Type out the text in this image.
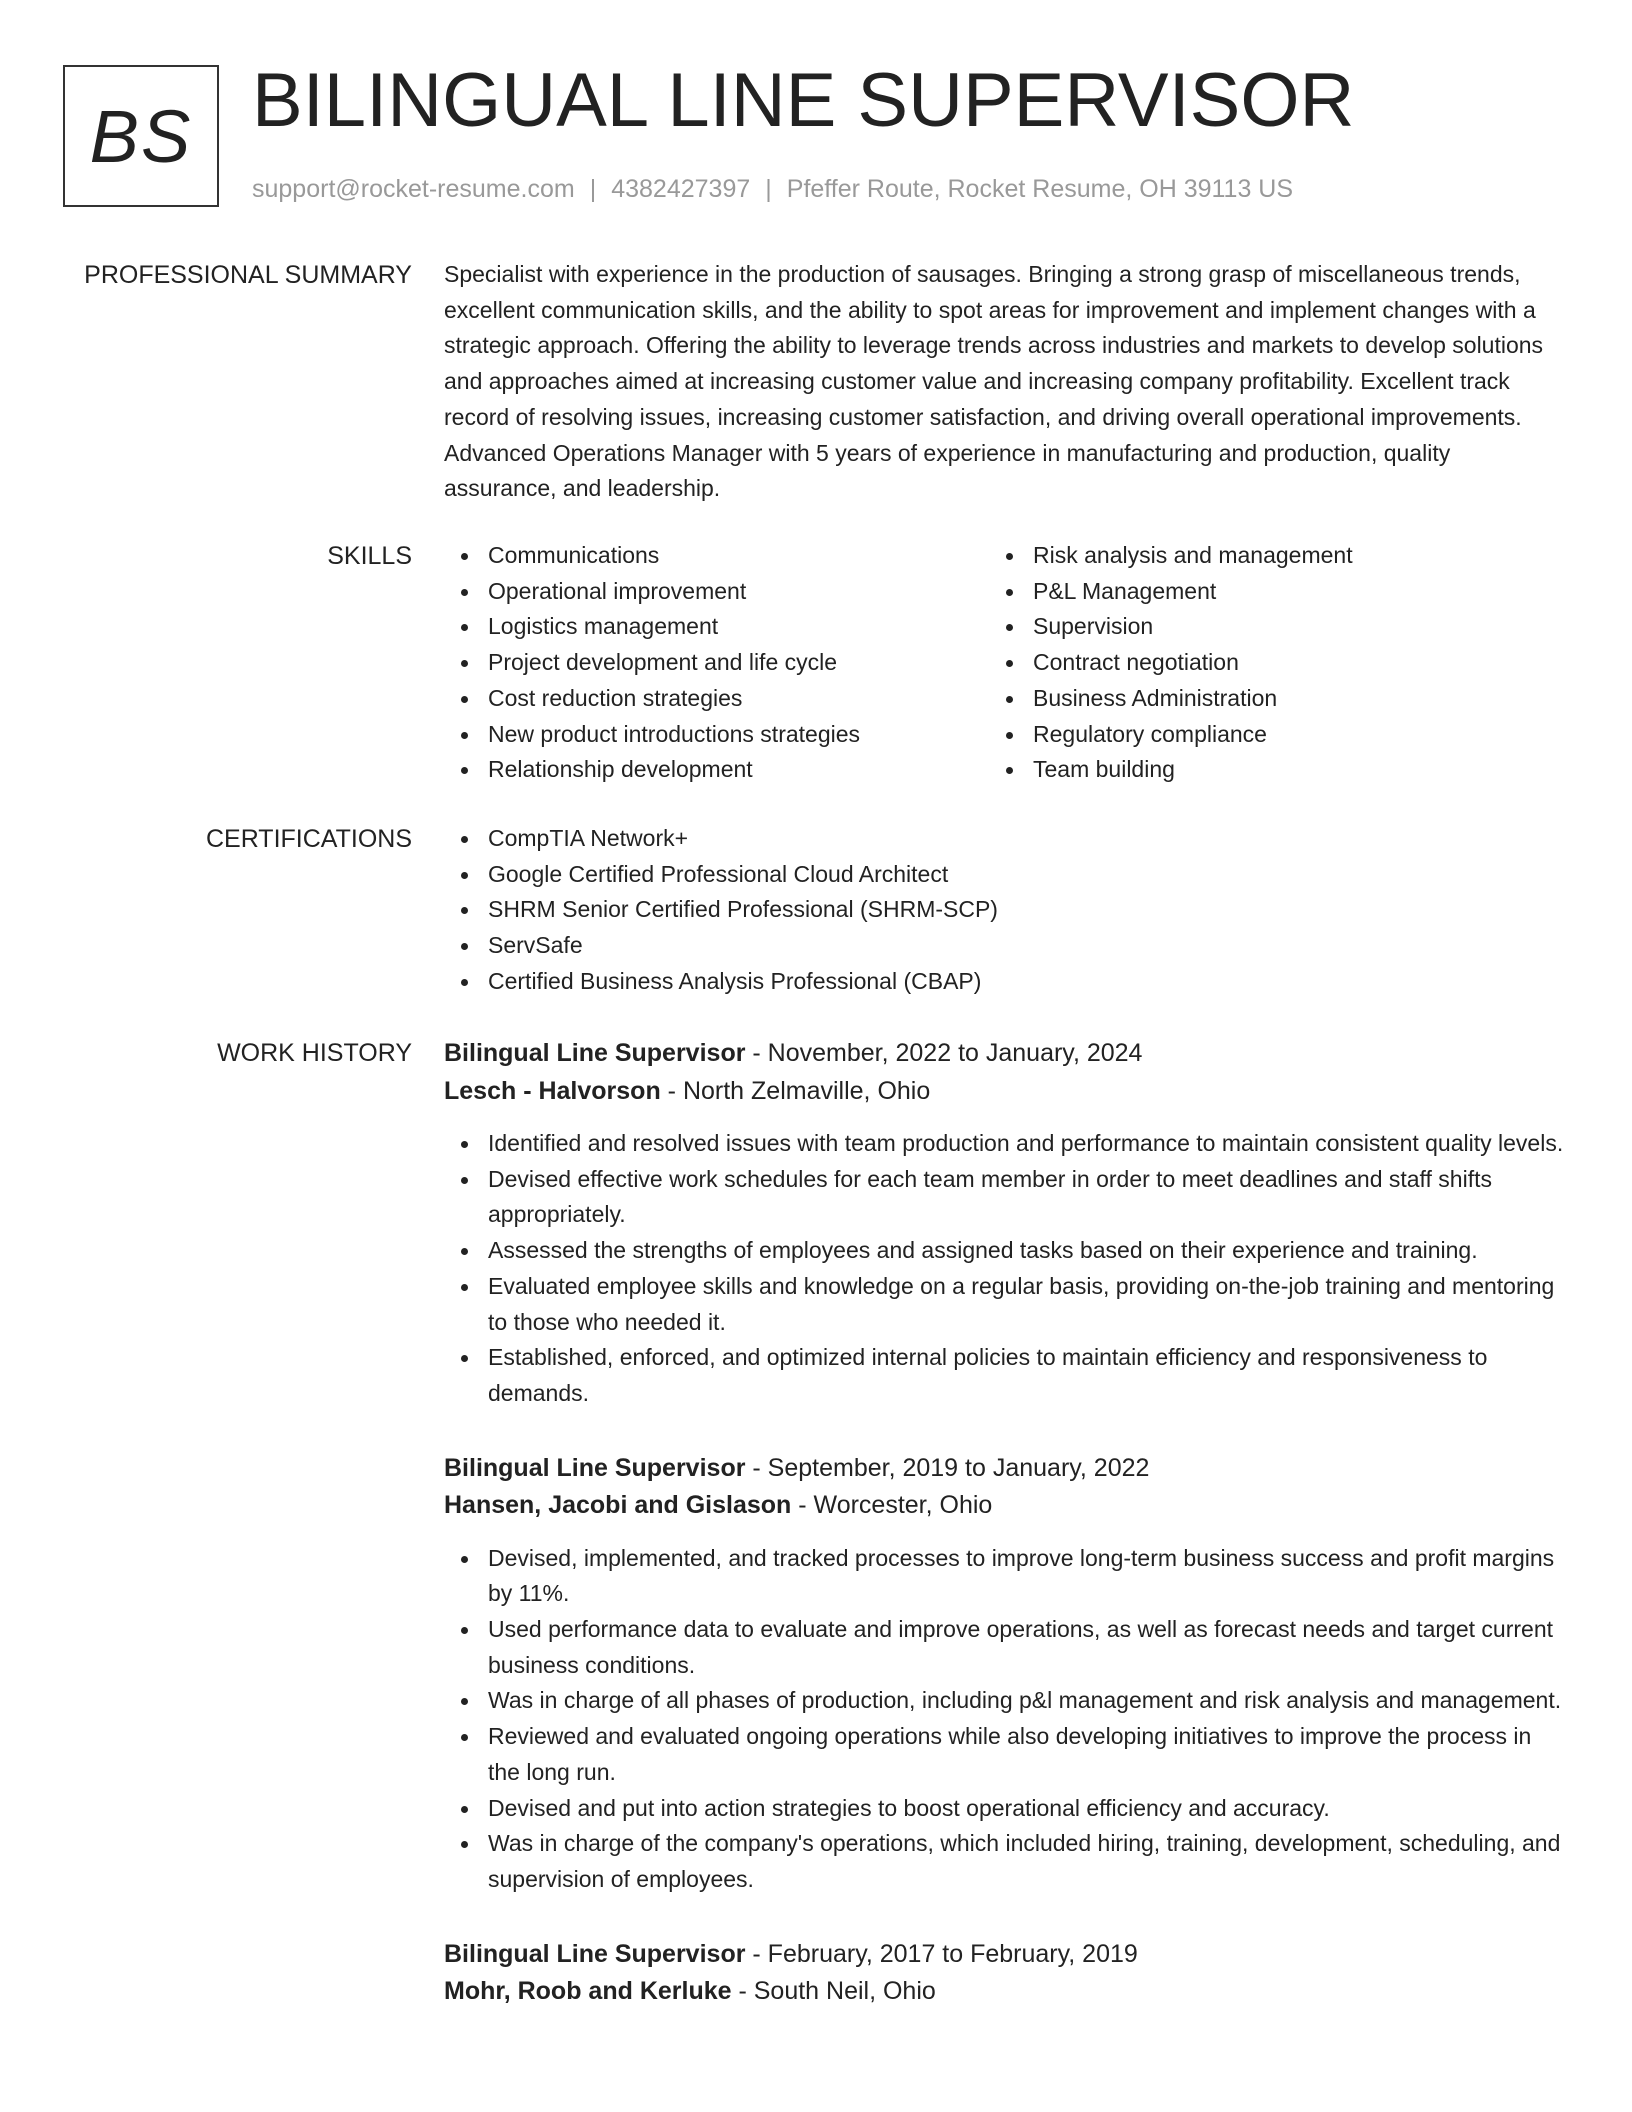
BS BILINGUAL LINE SUPERVISOR
support@rocket-resume.com | 4382427397 | Pfeffer Route, Rocket Resume, OH 39113 US
PROFESSIONAL SUMMARY Specialist with experience in the production of sausages. Bringing a strong grasp of miscellaneous trends, excellent communication skills, and the ability to spot areas for improvement and implement changes with a strategic approach. Offering the ability to leverage trends across industries and markets to develop solutions and approaches aimed at increasing customer value and increasing company profitability. Excellent track record of resolving issues, increasing customer satisfaction, and driving overall operational improvements. Advanced Operations Manager with 5 years of experience in manufacturing and production, quality assurance, and leadership.

SKILLS	Communications
Operational improvement
Logistics management
Project development and life cycle
Cost reduction strategies
New product introductions strategies
Relationship development
Risk analysis and management
P&L Management
Supervision
Contract negotiation
Business Administration
Regulatory compliance
Team building
CERTIFICATIONS	CompTIA Network+
Google Certified Professional Cloud Architect
SHRM Senior Certified Professional (SHRM-SCP)
ServSafe
Certified Business Analysis Professional (CBAP)
WORK HISTORY Bilingual Line Supervisor - November, 2022 to January, 2024
Lesch - Halvorson - North Zelmaville, Ohio
Identified and resolved issues with team production and performance to maintain consistent quality levels.
Devised effective work schedules for each team member in order to meet deadlines and staff shifts appropriately.
Assessed the strengths of employees and assigned tasks based on their experience and training.
Evaluated employee skills and knowledge on a regular basis, providing on-the-job training and mentoring to those who needed it.
Established, enforced, and optimized internal policies to maintain efficiency and responsiveness to demands.
Bilingual Line Supervisor - September, 2019 to January, 2022
Hansen, Jacobi and Gislason - Worcester, Ohio
Devised, implemented, and tracked processes to improve long-term business success and profit margins by 11%.
Used performance data to evaluate and improve operations, as well as forecast needs and target current business conditions.
Was in charge of all phases of production, including p&l management and risk analysis and management.
Reviewed and evaluated ongoing operations while also developing initiatives to improve the process in the long run.
Devised and put into action strategies to boost operational efficiency and accuracy.
Was in charge of the company's operations, which included hiring, training, development, scheduling, and supervision of employees.
Bilingual Line Supervisor - February, 2017 to February, 2019
Mohr, Roob and Kerluke - South Neil, Ohio
